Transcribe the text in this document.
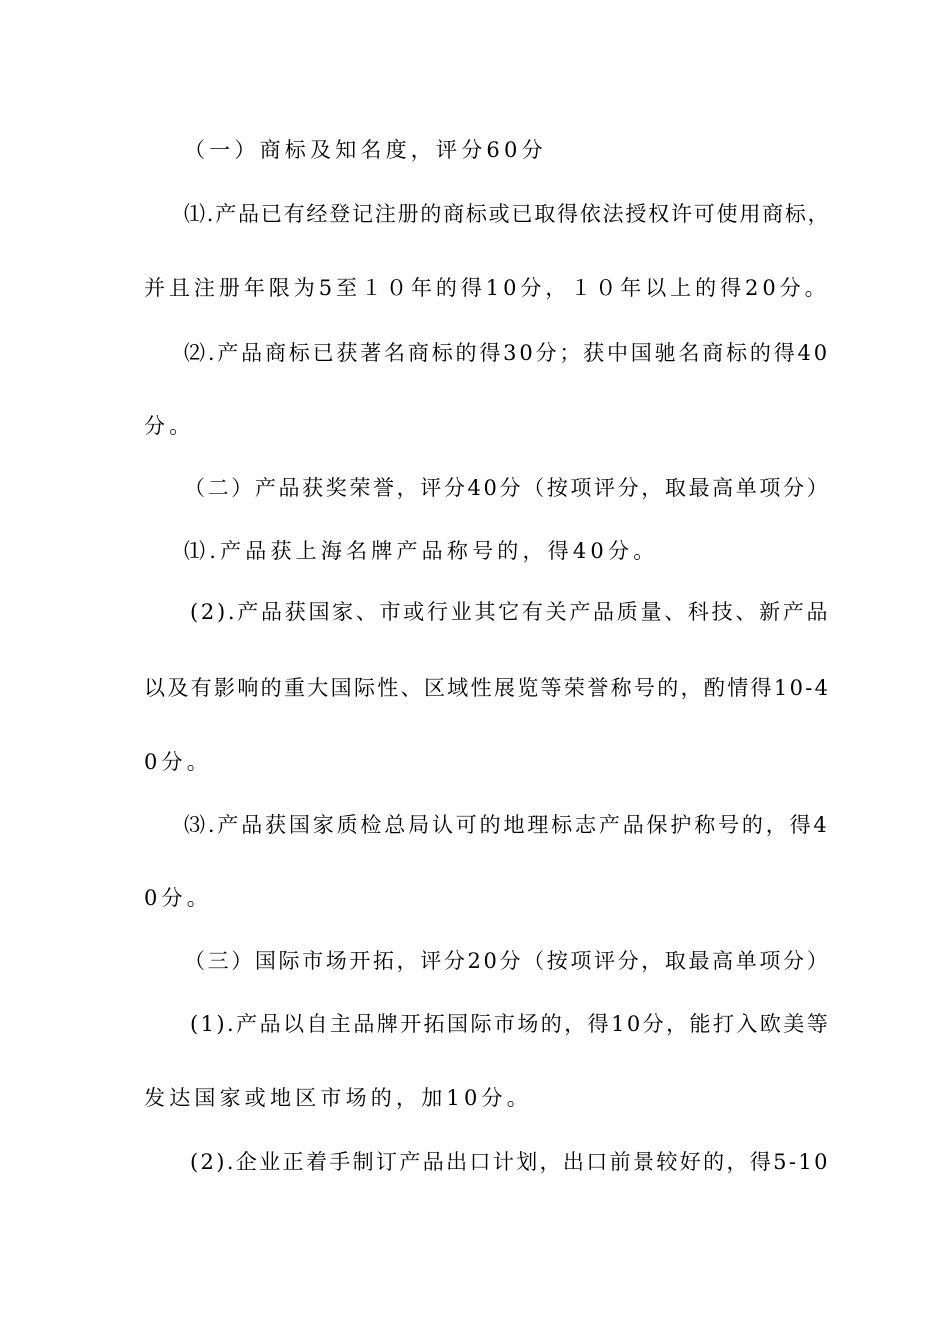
（一）商标及知名度，评分60分
⑴.产品已有经登记注册的商标或已取得依法授权许可使用商标，
并且注册年限为5至１０年的得10分，１０年以上的得20分。
⑵.产品商标已获著名商标的得30分；获中国驰名商标的得40
分。
（二）产品获奖荣誉，评分40分（按项评分，取最高单项分）
⑴.产品获上海名牌产品称号的，得40分。
(2).产品获国家、市或行业其它有关产品质量、科技、新产品
以及有影响的重大国际性、区域性展览等荣誉称号的，酌情得10-4
0分。
⑶.产品获国家质检总局认可的地理标志产品保护称号的，得4
0分。
（三）国际市场开拓，评分20分（按项评分，取最高单项分）
(1).产品以自主品牌开拓国际市场的，得10分，能打入欧美等
发达国家或地区市场的，加10分。
(2).企业正着手制订产品出口计划，出口前景较好的，得5-10
